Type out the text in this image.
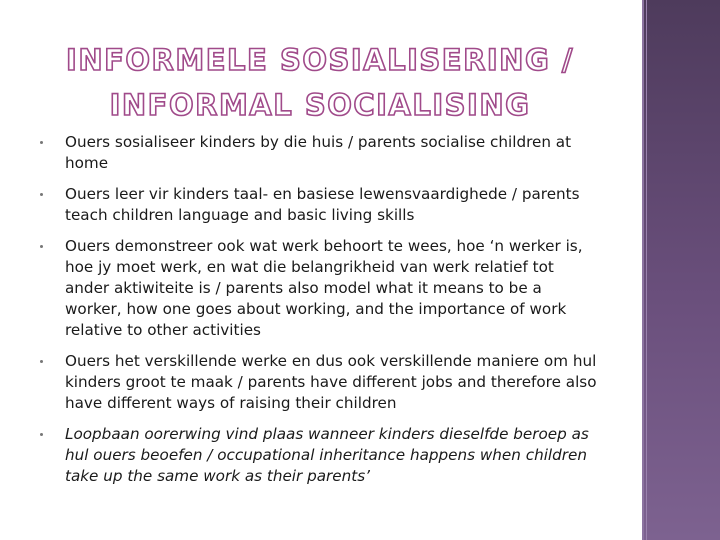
INFORMELE SOSIALISERING /
INFORMAL SOCIALISING
Ouers sosialiseer kinders by die huis / parents socialise children at home
Ouers leer vir kinders taal- en basiese lewensvaardighede / parents teach children language and basic living skills
Ouers demonstreer ook wat werk behoort te wees, hoe ‘n werker is, hoe jy moet werk, en wat die belangrikheid van werk relatief tot ander aktiwiteite is / parents also model what it means to be a worker, how one goes about working, and the importance of work relative to other activities
Ouers het verskillende werke en dus ook verskillende maniere om hul kinders groot te maak / parents have different jobs and therefore also have different ways of raising their children
Loopbaan oorerwing vind plaas wanneer kinders dieselfde beroep as hul ouers beoefen / occupational inheritance happens when children take up the same work as their parents’
